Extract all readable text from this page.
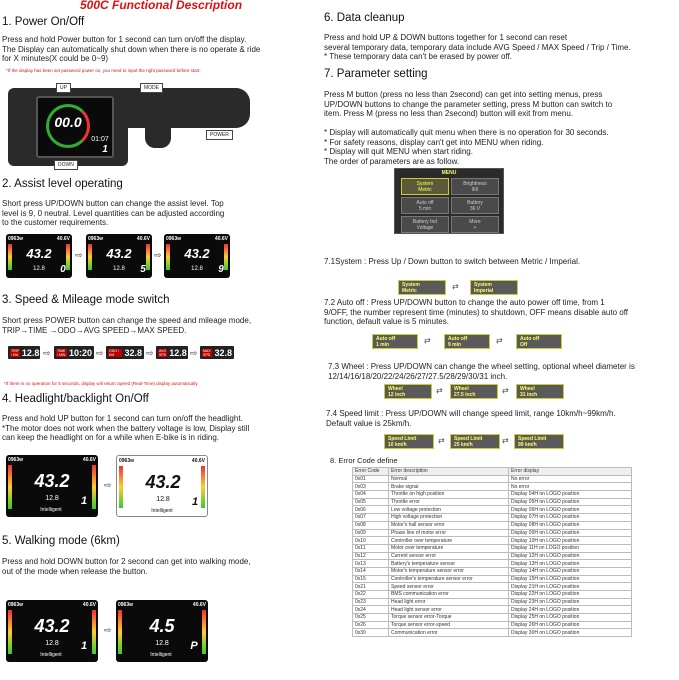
500C Functional Description
1. Power On/Off
Press and hold Power button for 1 second can turn on/off the display.
The Display can automatically shut down when there is no operate & ride
for X minutes(X could be 0~9)
*If the display has been set password power on, you need to input the right password before start.
00.0
01:07
1
UP	MODE
DOWN
POWER
2. Assist level operating
Short press UP/DOWN button can change the assist level. Top
level is 9, 0 neutral. Level quantities can be adjusted according
to the customer requirements.
0963w	40.6V
43.2
12.8	0
⇨
0963w	40.6V
43.2
12.8	5
⇨
0963w	40.6V
43.2
12.8	9
3. Speed & Mileage mode switch
Short press POWER button can change the speed and mileage mode,
TRIP→TIME →ODO→AVG SPEED→MAX SPEED.
TRIP / KM 12.8 ⇨ TIME / MIN 10:20 ⇨ ODO / KM	32.8 ⇨ AVG SPD 12.8 ⇨ MAX SPD 32.8
*If there is no operation for 5 seconds, display will return Speed (Real-Time) display automatically.
4. Headlight/backlight On/Off
Press and hold UP button for 1 second can turn on/off the headlight.
*The motor does not work when the battery voltage is low, Display still
can keep the headlight on for a while when E-bike is in riding.
0963w	40.6V
43.2
12.8
Intelligent
1
⇨
0963w	40.6V
43.2
12.8
Intelligent
1
5. Walking mode (6km)
Press and hold DOWN button for 2 second can get into walking mode,
out of the mode when release the button.
0963w	40.6V
43.2
12.8
Intelligent
1
⇨
0963w	40.6V
4.5
12.8
Intelligent
P
6. Data cleanup
Press and hold UP & DOWN buttons together for 1 second can reset
several temporary data, temporary data include AVG Speed / MAX Speed / Trip / Time.
* These temporary data can't be erased by power off.
7. Parameter setting
Press M button (press no less than 2second) can get into setting menus, press
UP/DOWN buttons to change the parameter setting, press M button can switch to
item. Press M (press no less than 2second) button will exit from menu.
* Display will automatically quit menu when there is no operation for 30 seconds.
* For safety reasons, display can't get into MENU when riding.
* Display will quit MENU when start riding.
The order of parameters are as follow.
MENU
System
Metric
Brightness
IIIII
Auto off
5 min
Battery
36 V
Battery Ind
Voltage
More
>
7.1System : Press Up / Down button to switch between Metric / Imperial.
System
Metric	⇄	System
Imperial
7.2 Auto off : Press UP/DOWN button to change the auto power off time, from 1
9/OFF, the number represent time (minutes) to shutdown, OFF means disable auto off
function, default value is 5 minutes.
Auto off
1 min	⇄	Auto off
9 min	⇄	Auto off
Off
7.3 Wheel : Press UP/DOWN can change the wheel setting, optional wheel diameter is
12/14/16/18/20/22/24/26/27/27.5/28/29/30/31 inch.
Wheel
12 inch	⇄ Wheel
27.5 inch	⇄ Wheel
31 inch
7.4 Speed limit : Press UP/DOWN will change speed limit, range 10km/h~99km/h.
Default value is 25km/h.
Speed Limit
10 km/h	⇄ Speed Limit
25 km/h	⇄ Speed Limit
99 km/h
8. Error Code define
Error Code	Error description	Error display
0x01	Normal	No error
0x03	Brake signal	No error
0x04	Throttle on high position	Display 04H on LOGO position
0x05	Throttle error	Display 05H on LOGO position
0x06	Low voltage protection	Display 06H on LOGO position
0x07	High voltage protection	Display 07H on LOGO position
0x08	Motor's hall sensor error	Display 08H on LOGO position
0x09	Phase line of motor error	Display 09H on LOGO position
0x10	Controller over temperature	Display 10H on LOGO position
0x11	Motor over temperature	Display 11H on LOGO position
0x12	Current sensor error	Display 12H on LOGO position
0x13	Battery's temperature sensor	Display 13H on LOGO position
0x14	Motor's temperature sensor error	Display 14H on LOGO position
0x15	Controller's temperature sensor error	Display 15H on LOGO position
0x21	Speed sensor error	Display 21H on LOGO position
0x22	BMS communication error	Display 22H on LOGO position
0x23	Head light error	Display 23H on LOGO position
0x24	Head light sensor error	Display 24H on LOGO position
0x25	Torque sensor error-Torque	Display 25H on LOGO position
0x26	Torque sensor error-speed	Display 26H on LOGO position
0x30	Communication error	Display 30H on LOGO position
